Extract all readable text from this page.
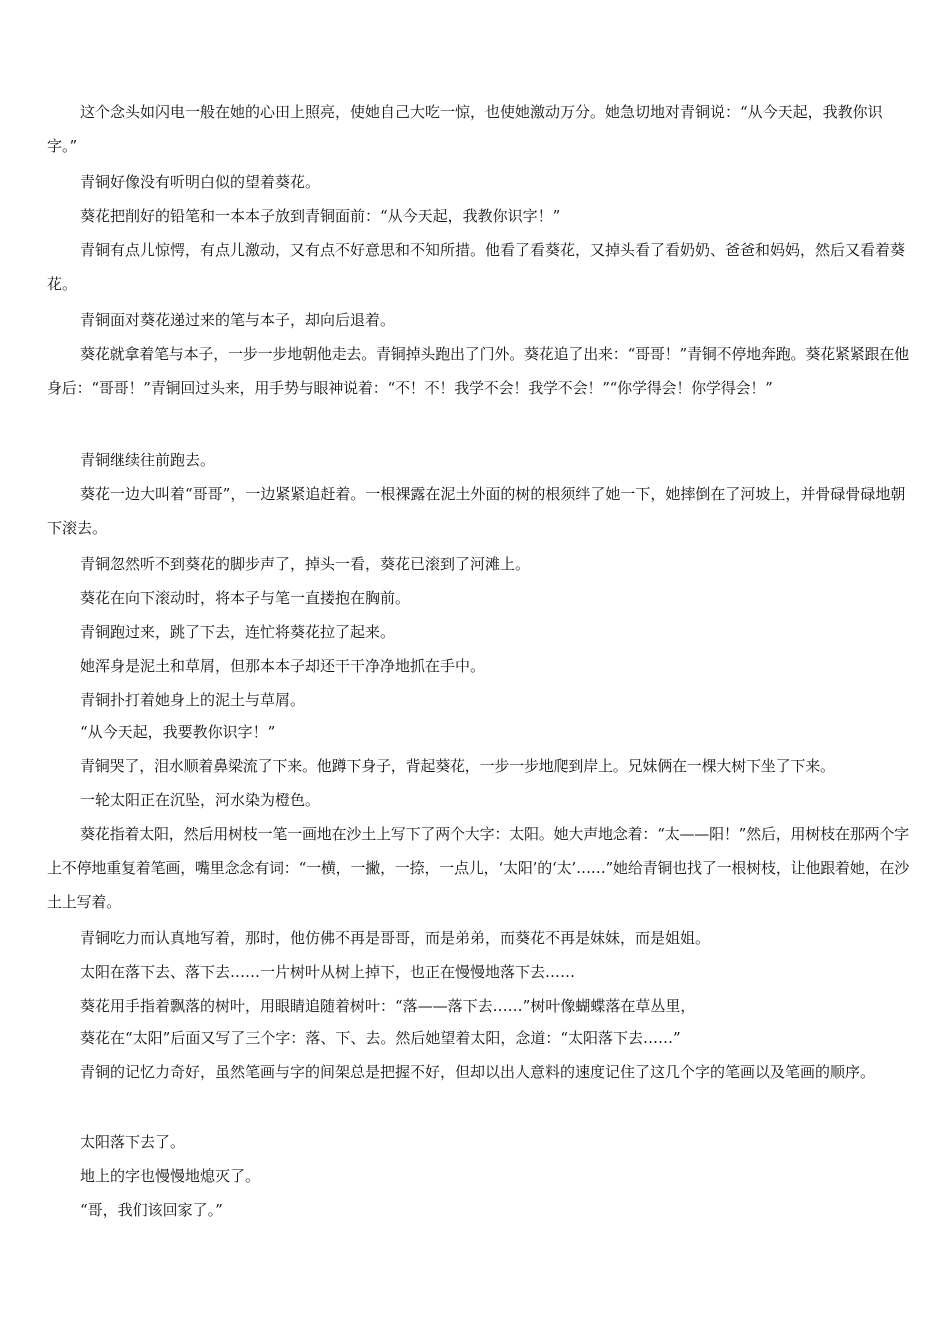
这个念头如闪电一般在她的心田上照亮，使她自己大吃一惊，也使她激动万分。她急切地对青铜说：“从今天起，我教你识字。”

青铜好像没有听明白似的望着葵花。

葵花把削好的铅笔和一本本子放到青铜面前：“从今天起，我教你识字！”

青铜有点儿惊愕，有点儿激动，又有点不好意思和不知所措。他看了看葵花，又掉头看了看奶奶、爸爸和妈妈，然后又看着葵花。

青铜面对葵花递过来的笔与本子，却向后退着。

葵花就拿着笔与本子，一步一步地朝他走去。青铜掉头跑出了门外。葵花追了出来：“哥哥！”青铜不停地奔跑。葵花紧紧跟在他身后：“哥哥！”青铜回过头来，用手势与眼神说着：“不！不！我学不会！我学不会！”“你学得会！你学得会！”

青铜继续往前跑去。

葵花一边大叫着“哥哥”，一边紧紧追赶着。一根裸露在泥土外面的树的根须绊了她一下，她摔倒在了河坡上，并骨碌骨碌地朝下滚去。

青铜忽然听不到葵花的脚步声了，掉头一看，葵花已滚到了河滩上。

葵花在向下滚动时，将本子与笔一直搂抱在胸前。

青铜跑过来，跳了下去，连忙将葵花拉了起来。

她浑身是泥土和草屑，但那本本子却还干干净净地抓在手中。

青铜扑打着她身上的泥土与草屑。

“从今天起，我要教你识字！”

青铜哭了，泪水顺着鼻梁流了下来。他蹲下身子，背起葵花，一步一步地爬到岸上。兄妹俩在一棵大树下坐了下来。

一轮太阳正在沉坠，河水染为橙色。

葵花指着太阳，然后用树枝一笔一画地在沙土上写下了两个大字：太阳。她大声地念着：“太——阳！”然后，用树枝在那两个字上不停地重复着笔画，嘴里念念有词：“一横，一撇，一捺，一点儿，‘太阳’的‘太’……”她给青铜也找了一根树枝，让他跟着她，在沙土上写着。

青铜吃力而认真地写着，那时，他仿佛不再是哥哥，而是弟弟，而葵花不再是妹妹，而是姐姐。

太阳在落下去、落下去……一片树叶从树上掉下，也正在慢慢地落下去……

葵花用手指着飘落的树叶，用眼睛追随着树叶：“落——落下去……”树叶像蝴蝶落在草丛里，

葵花在“太阳”后面又写了三个字：落、下、去。然后她望着太阳，念道：“太阳落下去……”

青铜的记忆力奇好，虽然笔画与字的间架总是把握不好，但却以出人意料的速度记住了这几个字的笔画以及笔画的顺序。

太阳落下去了。

地上的字也慢慢地熄灭了。

“哥，我们该回家了。”
